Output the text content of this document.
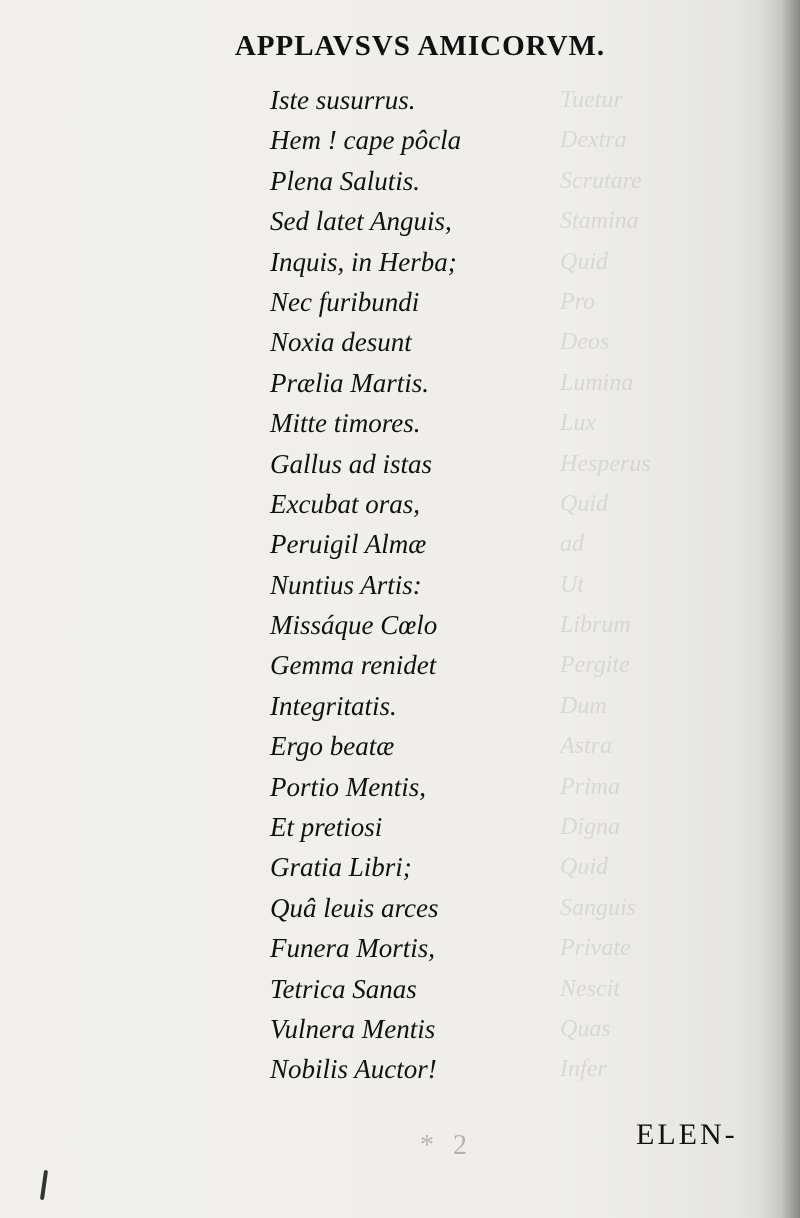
APPLAVSVS AMICORVM.
Tuetur
Dextra
Scrutare
Stamina
Quid
Pro
Deos
Lumina
Lux
Hesperus
Quid
ad
Ut
Librum
Pergite
Dum
Astra
Prima
Digna
Quid
Sanguis
Private
Nescit
Quas
Infer
Iste susurrus.
Hem ! cape pôcla
Plena Salutis.
Sed latet Anguis,
Inquis, in Herba;
Nec furibundi
Noxia desunt
Prælia Martis.
Mitte timores.
Gallus ad istas
Excubat oras,
Peruigil Almæ
Nuntius Artis:
Missáque Cœlo
Gemma renidet
Integritatis.
Ergo beatæ
Portio Mentis,
Et pretiosi
Gratia Libri;
Quâ leuis arces
Funera Mortis,
Tetrica Sanas
Vulnera Mentis
Nobilis Auctor!
* 2	ELEN-
